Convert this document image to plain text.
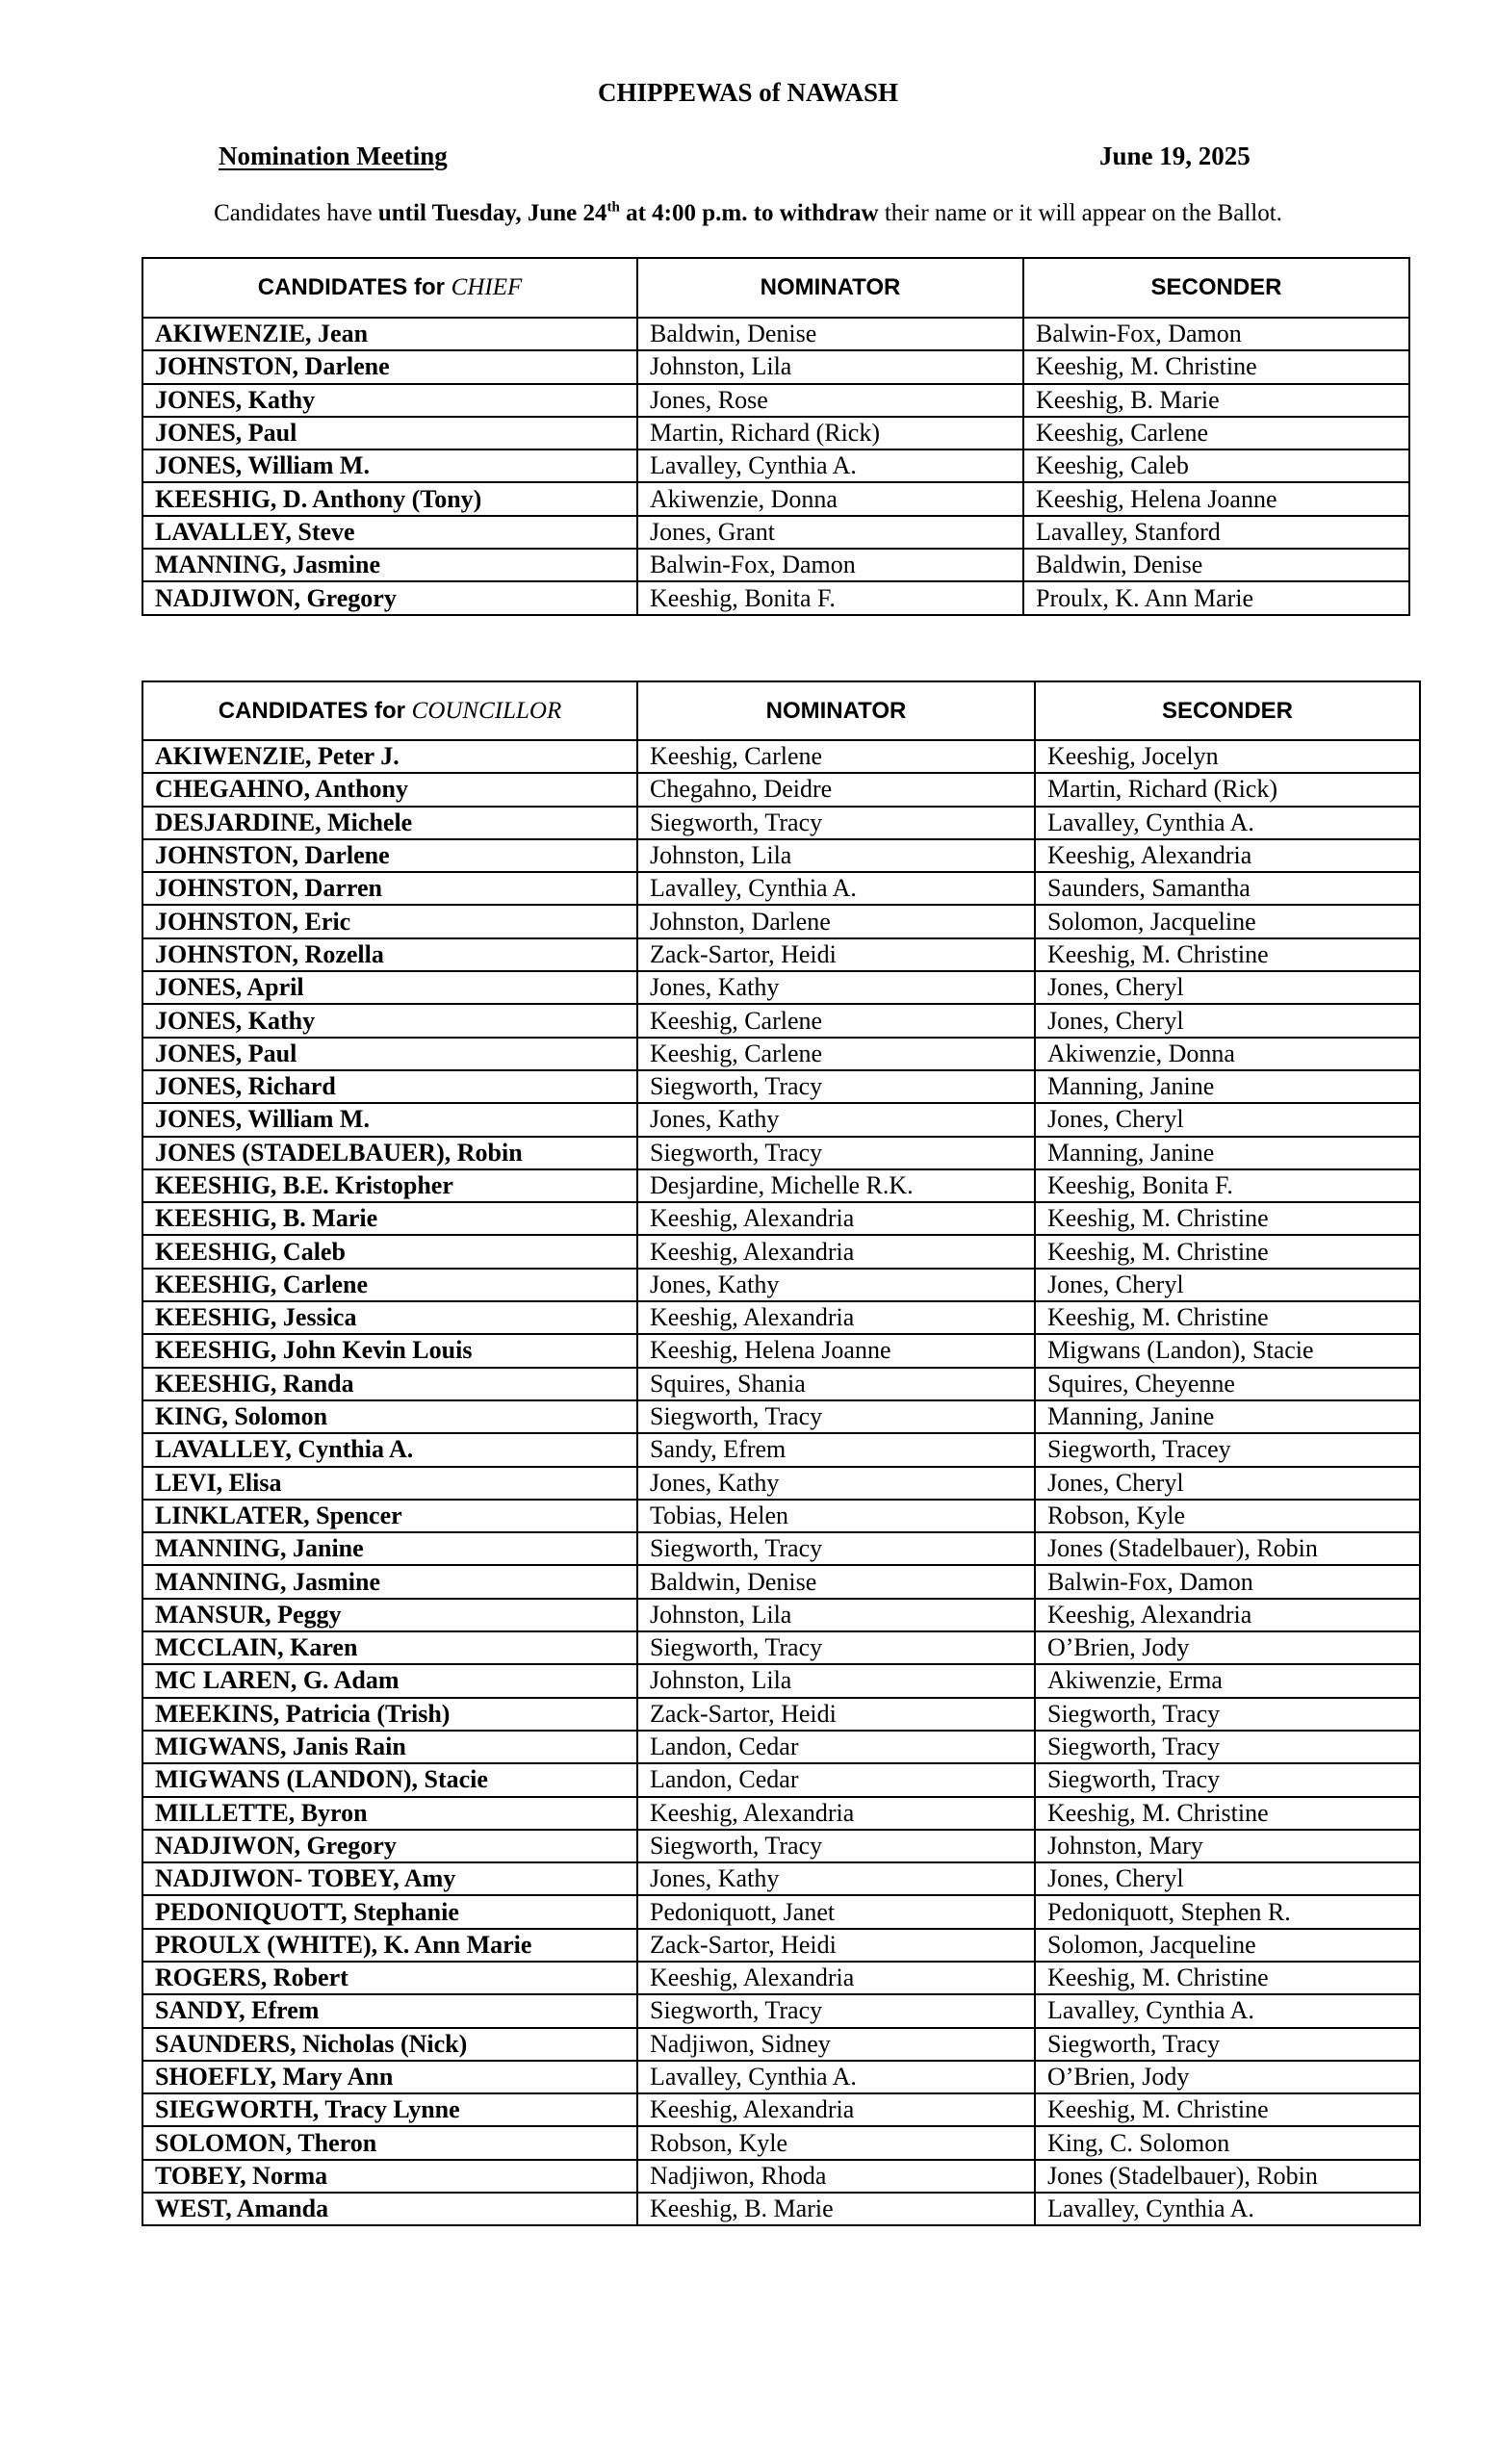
CHIPPEWAS of NAWASH
Nomination Meeting	June 19, 2025
Candidates have until Tuesday, June 24th at 4:00 p.m. to withdraw their name or it will appear on the Ballot.
CANDIDATES for CHIEF	NOMINATOR	SECONDER
AKIWENZIE, Jean	Baldwin, Denise	Balwin-Fox, Damon
JOHNSTON, Darlene	Johnston, Lila	Keeshig, M. Christine
JONES, Kathy	Jones, Rose	Keeshig, B. Marie
JONES, Paul	Martin, Richard (Rick)	Keeshig, Carlene
JONES, William M.	Lavalley, Cynthia A.	Keeshig, Caleb
KEESHIG, D. Anthony (Tony)	Akiwenzie, Donna	Keeshig, Helena Joanne
LAVALLEY, Steve	Jones, Grant	Lavalley, Stanford
MANNING, Jasmine	Balwin-Fox, Damon	Baldwin, Denise
NADJIWON, Gregory	Keeshig, Bonita F.	Proulx, K. Ann Marie
CANDIDATES for COUNCILLOR	NOMINATOR	SECONDER
AKIWENZIE, Peter J.	Keeshig, Carlene	Keeshig, Jocelyn
CHEGAHNO, Anthony	Chegahno, Deidre	Martin, Richard (Rick)
DESJARDINE, Michele	Siegworth, Tracy	Lavalley, Cynthia A.
JOHNSTON, Darlene	Johnston, Lila	Keeshig, Alexandria
JOHNSTON, Darren	Lavalley, Cynthia A.	Saunders, Samantha
JOHNSTON, Eric	Johnston, Darlene	Solomon, Jacqueline
JOHNSTON, Rozella	Zack-Sartor, Heidi	Keeshig, M. Christine
JONES, April	Jones, Kathy	Jones, Cheryl
JONES, Kathy	Keeshig, Carlene	Jones, Cheryl
JONES, Paul	Keeshig, Carlene	Akiwenzie, Donna
JONES, Richard	Siegworth, Tracy	Manning, Janine
JONES, William M.	Jones, Kathy	Jones, Cheryl
JONES (STADELBAUER), Robin	Siegworth, Tracy	Manning, Janine
KEESHIG, B.E. Kristopher	Desjardine, Michelle R.K.	Keeshig, Bonita F.
KEESHIG, B. Marie	Keeshig, Alexandria	Keeshig, M. Christine
KEESHIG, Caleb	Keeshig, Alexandria	Keeshig, M. Christine
KEESHIG, Carlene	Jones, Kathy	Jones, Cheryl
KEESHIG, Jessica	Keeshig, Alexandria	Keeshig, M. Christine
KEESHIG, John Kevin Louis	Keeshig, Helena Joanne	Migwans (Landon), Stacie
KEESHIG, Randa	Squires, Shania	Squires, Cheyenne
KING, Solomon	Siegworth, Tracy	Manning, Janine
LAVALLEY, Cynthia A.	Sandy, Efrem	Siegworth, Tracey
LEVI, Elisa	Jones, Kathy	Jones, Cheryl
LINKLATER, Spencer	Tobias, Helen	Robson, Kyle
MANNING, Janine	Siegworth, Tracy	Jones (Stadelbauer), Robin
MANNING, Jasmine	Baldwin, Denise	Balwin-Fox, Damon
MANSUR, Peggy	Johnston, Lila	Keeshig, Alexandria
MCCLAIN, Karen	Siegworth, Tracy	O’Brien, Jody
MC LAREN, G. Adam	Johnston, Lila	Akiwenzie, Erma
MEEKINS, Patricia (Trish)	Zack-Sartor, Heidi	Siegworth, Tracy
MIGWANS, Janis Rain	Landon, Cedar	Siegworth, Tracy
MIGWANS (LANDON), Stacie	Landon, Cedar	Siegworth, Tracy
MILLETTE, Byron	Keeshig, Alexandria	Keeshig, M. Christine
NADJIWON, Gregory	Siegworth, Tracy	Johnston, Mary
NADJIWON- TOBEY, Amy	Jones, Kathy	Jones, Cheryl
PEDONIQUOTT, Stephanie	Pedoniquott, Janet	Pedoniquott, Stephen R.
PROULX (WHITE), K. Ann Marie	Zack-Sartor, Heidi	Solomon, Jacqueline
ROGERS, Robert	Keeshig, Alexandria	Keeshig, M. Christine
SANDY, Efrem	Siegworth, Tracy	Lavalley, Cynthia A.
SAUNDERS, Nicholas (Nick)	Nadjiwon, Sidney	Siegworth, Tracy
SHOEFLY, Mary Ann	Lavalley, Cynthia A.	O’Brien, Jody
SIEGWORTH, Tracy Lynne	Keeshig, Alexandria	Keeshig, M. Christine
SOLOMON, Theron	Robson, Kyle	King, C. Solomon
TOBEY, Norma	Nadjiwon, Rhoda	Jones (Stadelbauer), Robin
WEST, Amanda	Keeshig, B. Marie	Lavalley, Cynthia A.
